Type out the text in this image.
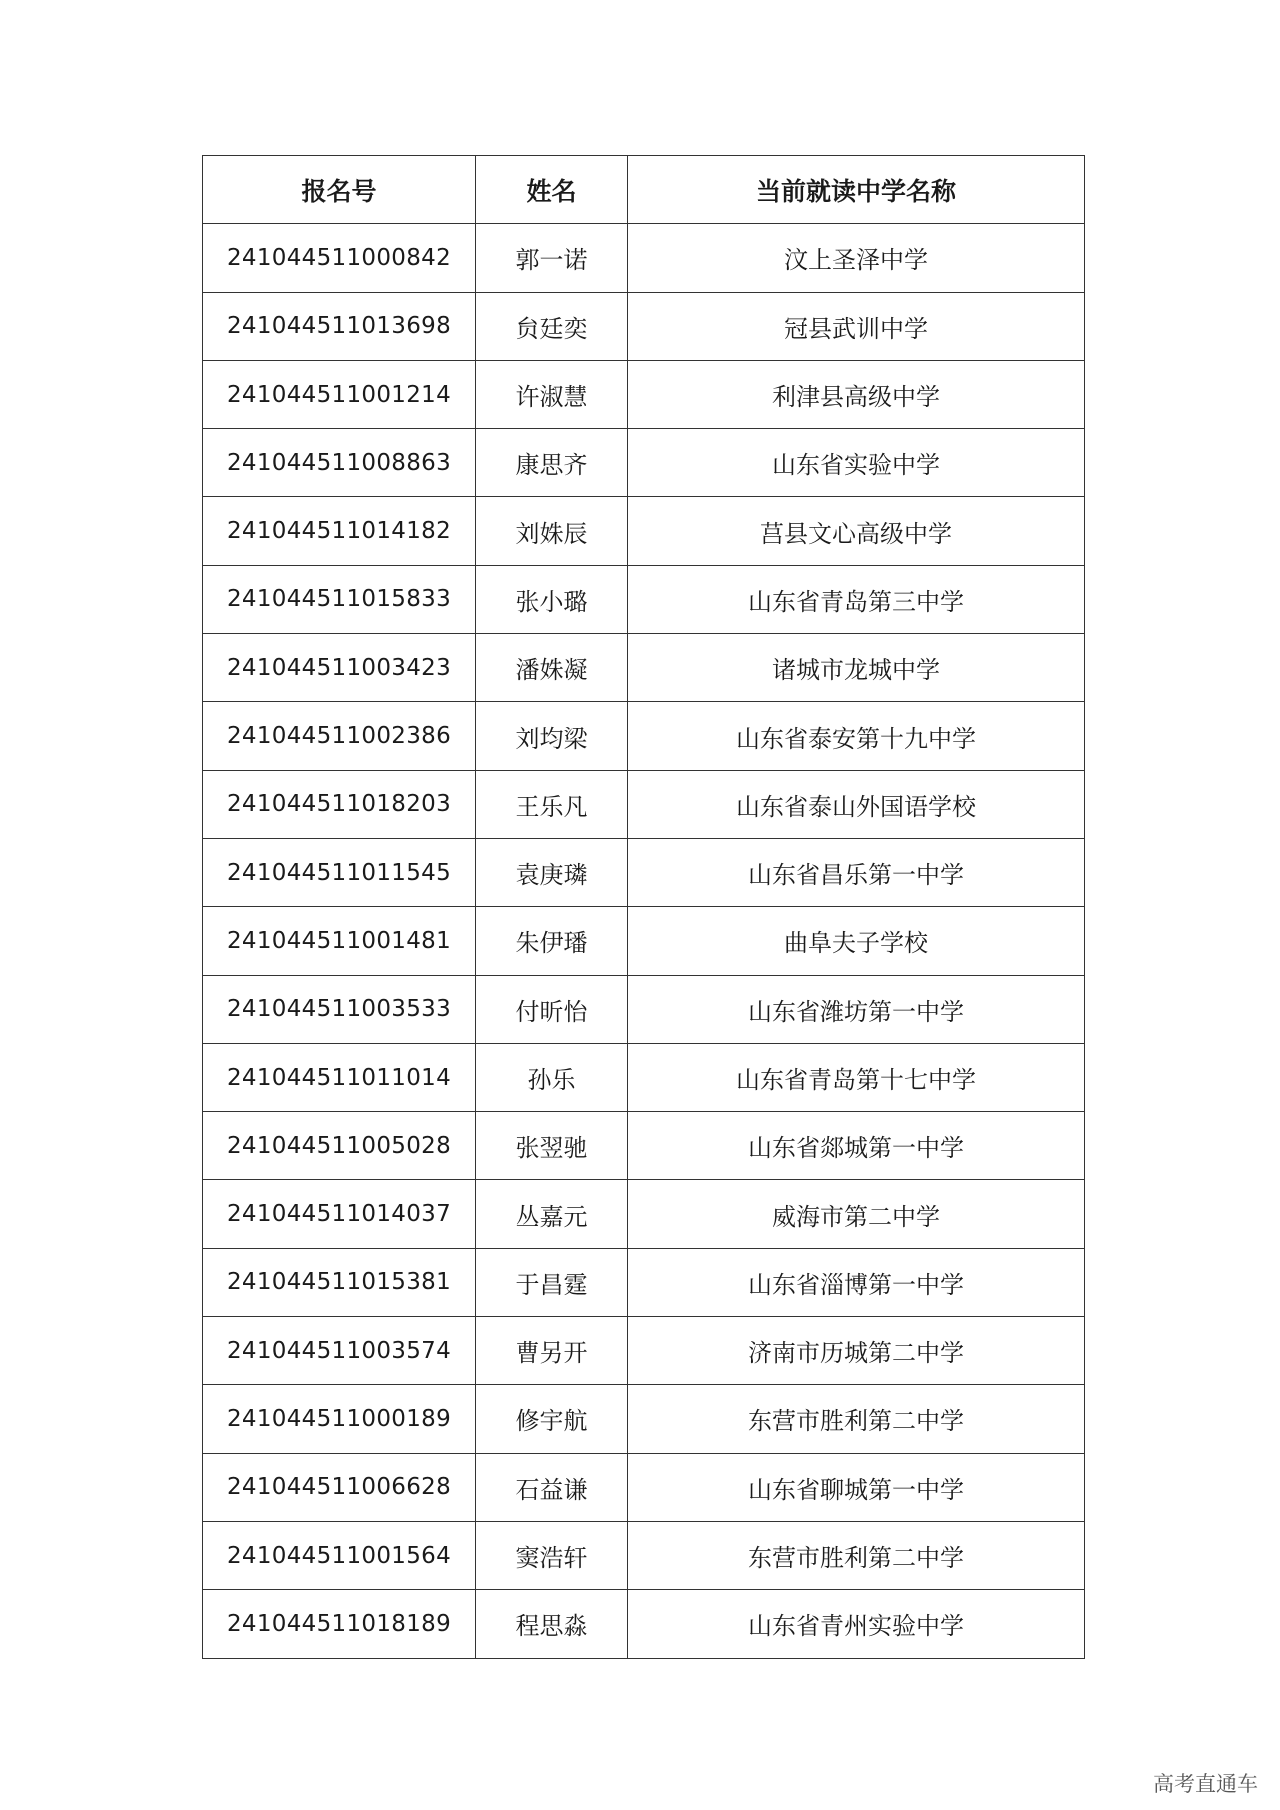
报名号	姓名	当前就读中学名称
241044511000842	郭一诺	汶上圣泽中学
241044511013698	贠廷奕	冠县武训中学
241044511001214	许淑慧	利津县高级中学
241044511008863	康思齐	山东省实验中学
241044511014182	刘姝辰	莒县文心高级中学
241044511015833	张小璐	山东省青岛第三中学
241044511003423	潘姝凝	诸城市龙城中学
241044511002386	刘均梁	山东省泰安第十九中学
241044511018203	王乐凡	山东省泰山外国语学校
241044511011545	袁庚璘	山东省昌乐第一中学
241044511001481	朱伊璠	曲阜夫子学校
241044511003533	付昕怡	山东省潍坊第一中学
241044511011014	孙乐	山东省青岛第十七中学
241044511005028	张翌驰	山东省郯城第一中学
241044511014037	丛嘉元	威海市第二中学
241044511015381	于昌霆	山东省淄博第一中学
241044511003574	曹另开	济南市历城第二中学
241044511000189	修宇航	东营市胜利第二中学
241044511006628	石益谦	山东省聊城第一中学
241044511001564	窦浩轩	东营市胜利第二中学
241044511018189	程思淼	山东省青州实验中学
高考直通车
